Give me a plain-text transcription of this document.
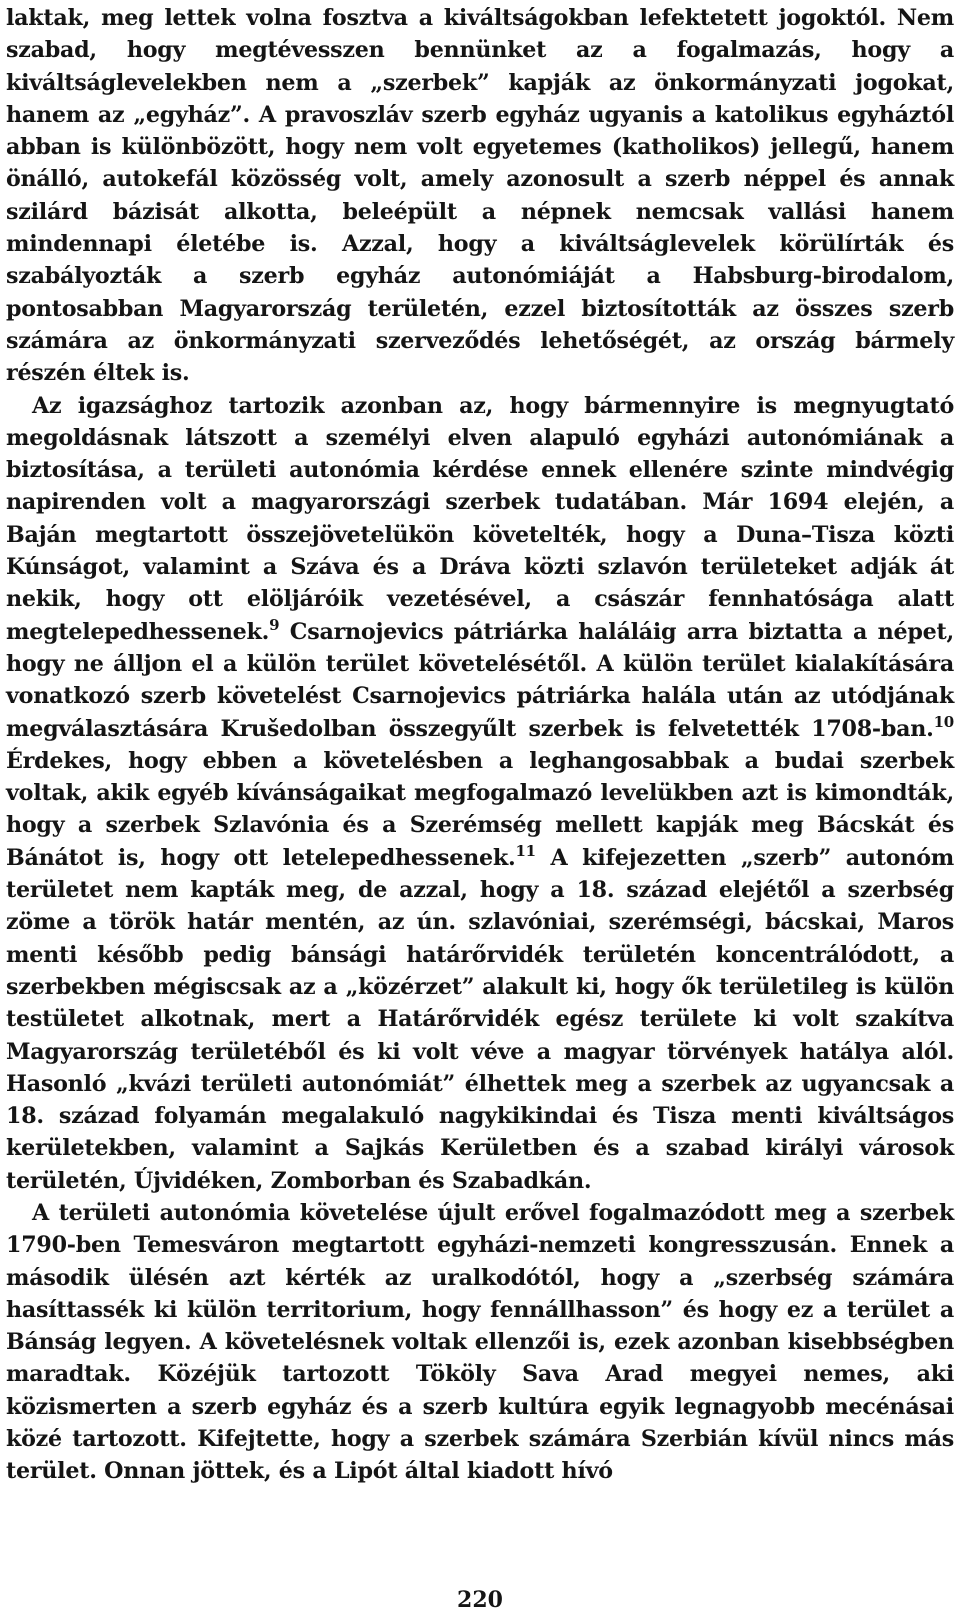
laktak, meg lettek volna fosztva a kiváltságokban lefektetett jogoktól. Nem szabad, hogy megtévesszen bennünket az a fogalmazás, hogy a kiváltságlevelekben nem a „szerbek” kapják az önkormányzati jogokat, hanem az „egyház”. A pravoszláv szerb egyház ugyanis a katolikus egyháztól abban is különbözött, hogy nem volt egyetemes (katholikos) jellegű, hanem önálló, autokefál közösség volt, amely azonosult a szerb néppel és annak szilárd bázisát alkotta, beleépült a népnek nemcsak vallási hanem mindennapi életébe is. Azzal, hogy a kiváltságlevelek körülírták és szabályozták a szerb egyház autonómiáját a Habsburg-birodalom, pontosabban Magyarország területén, ezzel biztosították az összes szerb számára az önkormányzati szerveződés lehetőségét, az ország bármely részén éltek is.

Az igazsághoz tartozik azonban az, hogy bármennyire is megnyugtató megoldásnak látszott a személyi elven alapuló egyházi autonómiának a biztosítása, a területi autonómia kérdése ennek ellenére szinte mindvégig napirenden volt a magyarországi szerbek tudatában. Már 1694 elején, a Baján megtartott összejövetelükön követelték, hogy a Duna–Tisza közti Kúnságot, valamint a Száva és a Dráva közti szlavón területeket adják át nekik, hogy ott elöljáróik vezetésével, a császár fennhatósága alatt megtelepedhessenek.$^9$ Csarnojevics pátriárka haláláig arra biztatta a népet, hogy ne álljon el a külön terület követelésétől. A külön terület kialakítására vonatkozó szerb követelést Csarnojevics pátriárka halála után az utódjának megválasztására Krušedolban összegyűlt szerbek is felvetették 1708-ban.$^{10}$ Érdekes, hogy ebben a követelésben a leghangosabbak a budai szerbek voltak, akik egyéb kívánságaikat megfogalmazó levelükben azt is kimondták, hogy a szerbek Szlavónia és a Szerémség mellett kapják meg Bácskát és Bánátot is, hogy ott letelepedhessenek.$^{11}$ A kifejezetten „szerb” autonóm területet nem kapták meg, de azzal, hogy a 18. század elejétől a szerbség zöme a török határ mentén, az ún. szlavóniai, szerémségi, bácskai, Maros menti később pedig bánsági határőrvidék területén koncentrálódott, a szerbekben mégiscsak az a „közérzet” alakult ki, hogy ők területileg is külön testületet alkotnak, mert a Határőrvidék egész területe ki volt szakítva Magyarország területéből és ki volt véve a magyar törvények hatálya alól. Hasonló „kvázi területi autonómiát” élhettek meg a szerbek az ugyancsak a 18. század folyamán megalakuló nagykikindai és Tisza menti kiváltságos kerületekben, valamint a Sajkás Kerületben és a szabad királyi városok területén, Újvidéken, Zomborban és Szabadkán.

A területi autonómia követelése újult erővel fogalmazódott meg a szerbek 1790-ben Temesváron megtartott egyházi-nemzeti kongresszusán. Ennek a második ülésén azt kérték az uralkodótól, hogy a „szerbség számára hasíttassék ki külön territorium, hogy fennállhasson” és hogy ez a terület a Bánság legyen. A követelésnek voltak ellenzői is, ezek azonban kisebbségben maradtak. Közéjük tartozott Tököly Sava Arad megyei nemes, aki közismerten a szerb egyház és a szerb kultúra egyik legnagyobb mecénásai közé tartozott. Kifejtette, hogy a szerbek számára Szerbián kívül nincs más terület. Onnan jöttek, és a Lipót által kiadott hívó

220
